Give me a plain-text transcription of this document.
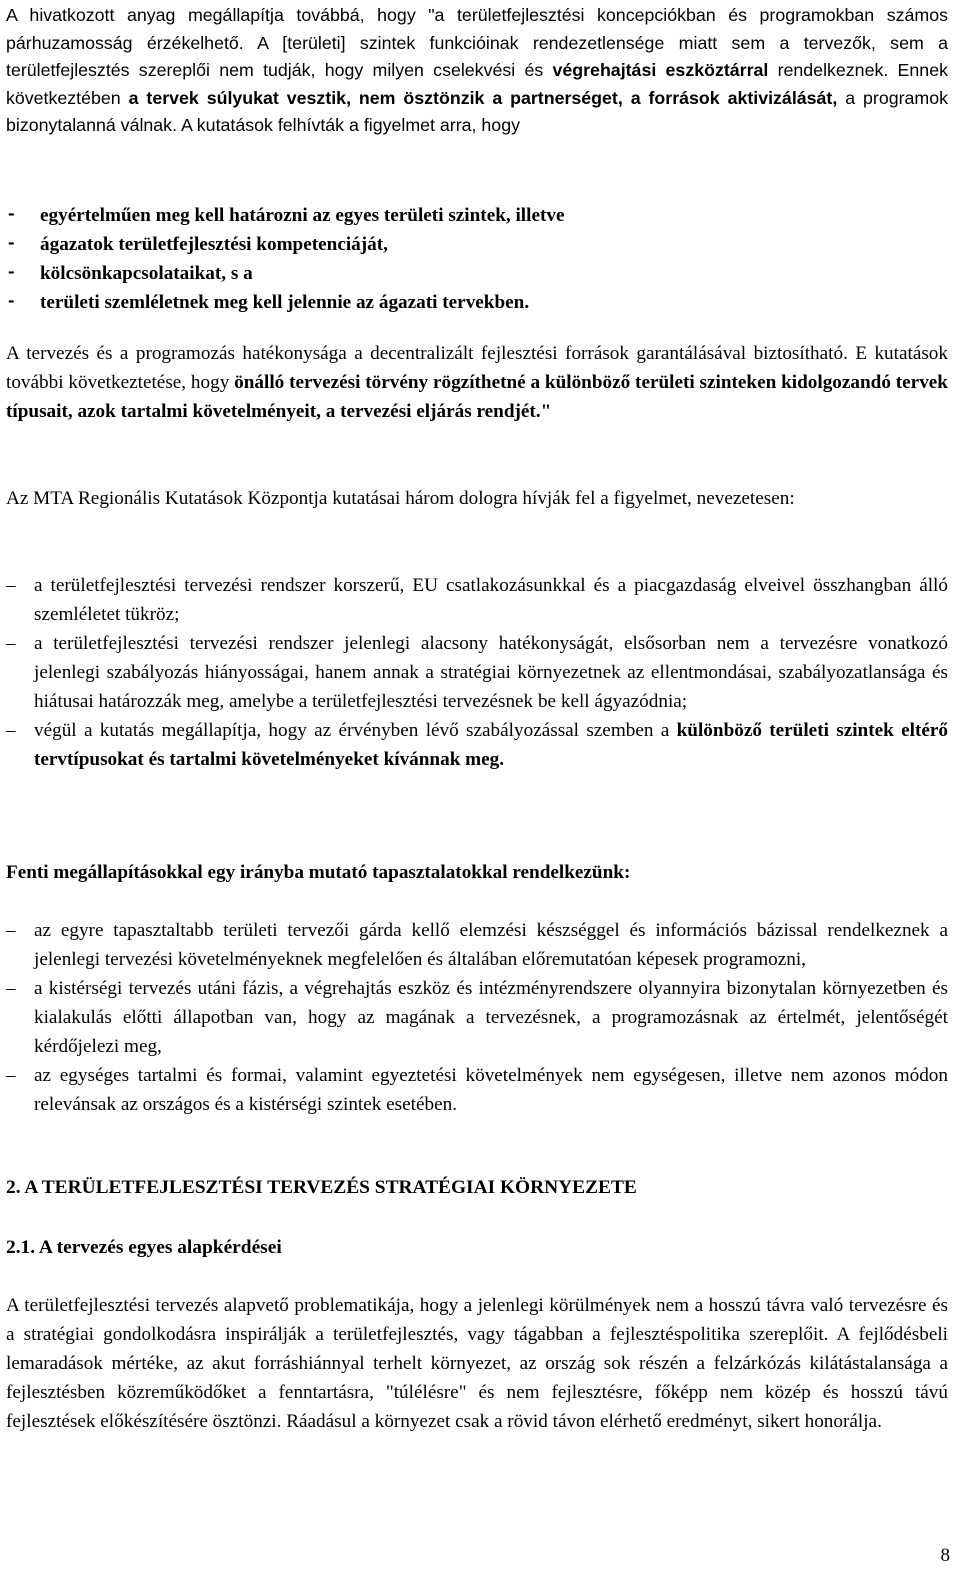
A hivatkozott anyag megállapítja továbbá, hogy "a területfejlesztési koncepciókban és programokban számos párhuzamosság érzékelhető. A [területi] szintek funkcióinak rendezetlensége miatt sem a tervezők, sem a területfejlesztés szereplői nem tudják, hogy milyen cselekvési és végrehajtási eszköztárral rendelkeznek. Ennek következtében a tervek súlyukat vesztik, nem ösztönzik a partnerséget, a források aktivizálását, a programok bizonytalanná válnak. A kutatások felhívták a figyelmet arra, hogy

- egyértelműen meg kell határozni az egyes területi szintek, illetve
- ágazatok területfejlesztési kompetenciáját,
- kölcsönkapcsolataikat, s a
- területi szemléletnek meg kell jelennie az ágazati tervekben.

A tervezés és a programozás hatékonysága a decentralizált fejlesztési források garantálásával biztosítható. E kutatások további következtetése, hogy önálló tervezési törvény rögzíthetné a különböző területi szinteken kidolgozandó tervek típusait, azok tartalmi követelményeit, a tervezési eljárás rendjét."

Az MTA Regionális Kutatások Központja kutatásai három dologra hívják fel a figyelmet, nevezetesen:

– a területfejlesztési tervezési rendszer korszerű, EU csatlakozásunkkal és a piacgazdaság elveivel összhangban álló szemléletet tükröz;
– a területfejlesztési tervezési rendszer jelenlegi alacsony hatékonyságát, elsősorban nem a tervezésre vonatkozó jelenlegi szabályozás hiányosságai, hanem annak a stratégiai környezetnek az ellentmondásai, szabályozatlansága és hiátusai határozzák meg, amelybe a területfejlesztési tervezésnek be kell ágyazódnia;
– végül a kutatás megállapítja, hogy az érvényben lévő szabályozással szemben a különböző területi szintek eltérő tervtípusokat és tartalmi követelményeket kívánnak meg.

Fenti megállapításokkal egy irányba mutató tapasztalatokkal rendelkezünk:

– az egyre tapasztaltabb területi tervezői gárda kellő elemzési készséggel és információs bázissal rendelkeznek a jelenlegi tervezési követelményeknek megfelelően és általában előremutatóan képesek programozni,
– a kistérségi tervezés utáni fázis, a végrehajtás eszköz és intézményrendszere olyannyira bizonytalan környezetben és kialakulás előtti állapotban van, hogy az magának a tervezésnek, a programozásnak az értelmét, jelentőségét kérdőjelezi meg,
– az egységes tartalmi és formai, valamint egyeztetési követelmények nem egységesen, illetve nem azonos módon relevánsak az országos és a kistérségi szintek esetében.
2. A TERÜLETFEJLESZTÉSI TERVEZÉS STRATÉGIAI KÖRNYEZETE
2.1. A tervezés egyes alapkérdései

A területfejlesztési tervezés alapvető problematikája, hogy a jelenlegi körülmények nem a hosszú távra való tervezésre és a stratégiai gondolkodásra inspirálják a területfejlesztés, vagy tágabban a fejlesztéspolitika szereplőit. A fejlődésbeli lemaradások mértéke, az akut forráshiánnyal terhelt környezet, az ország sok részén a felzárkózás kilátástalansága a fejlesztésben közreműködőket a fenntartásra, "túlélésre" és nem fejlesztésre, főképp nem közép és hosszú távú fejlesztések előkészítésére ösztönzi. Ráadásul a környezet csak a rövid távon elérhető eredményt, sikert honorálja.

8
